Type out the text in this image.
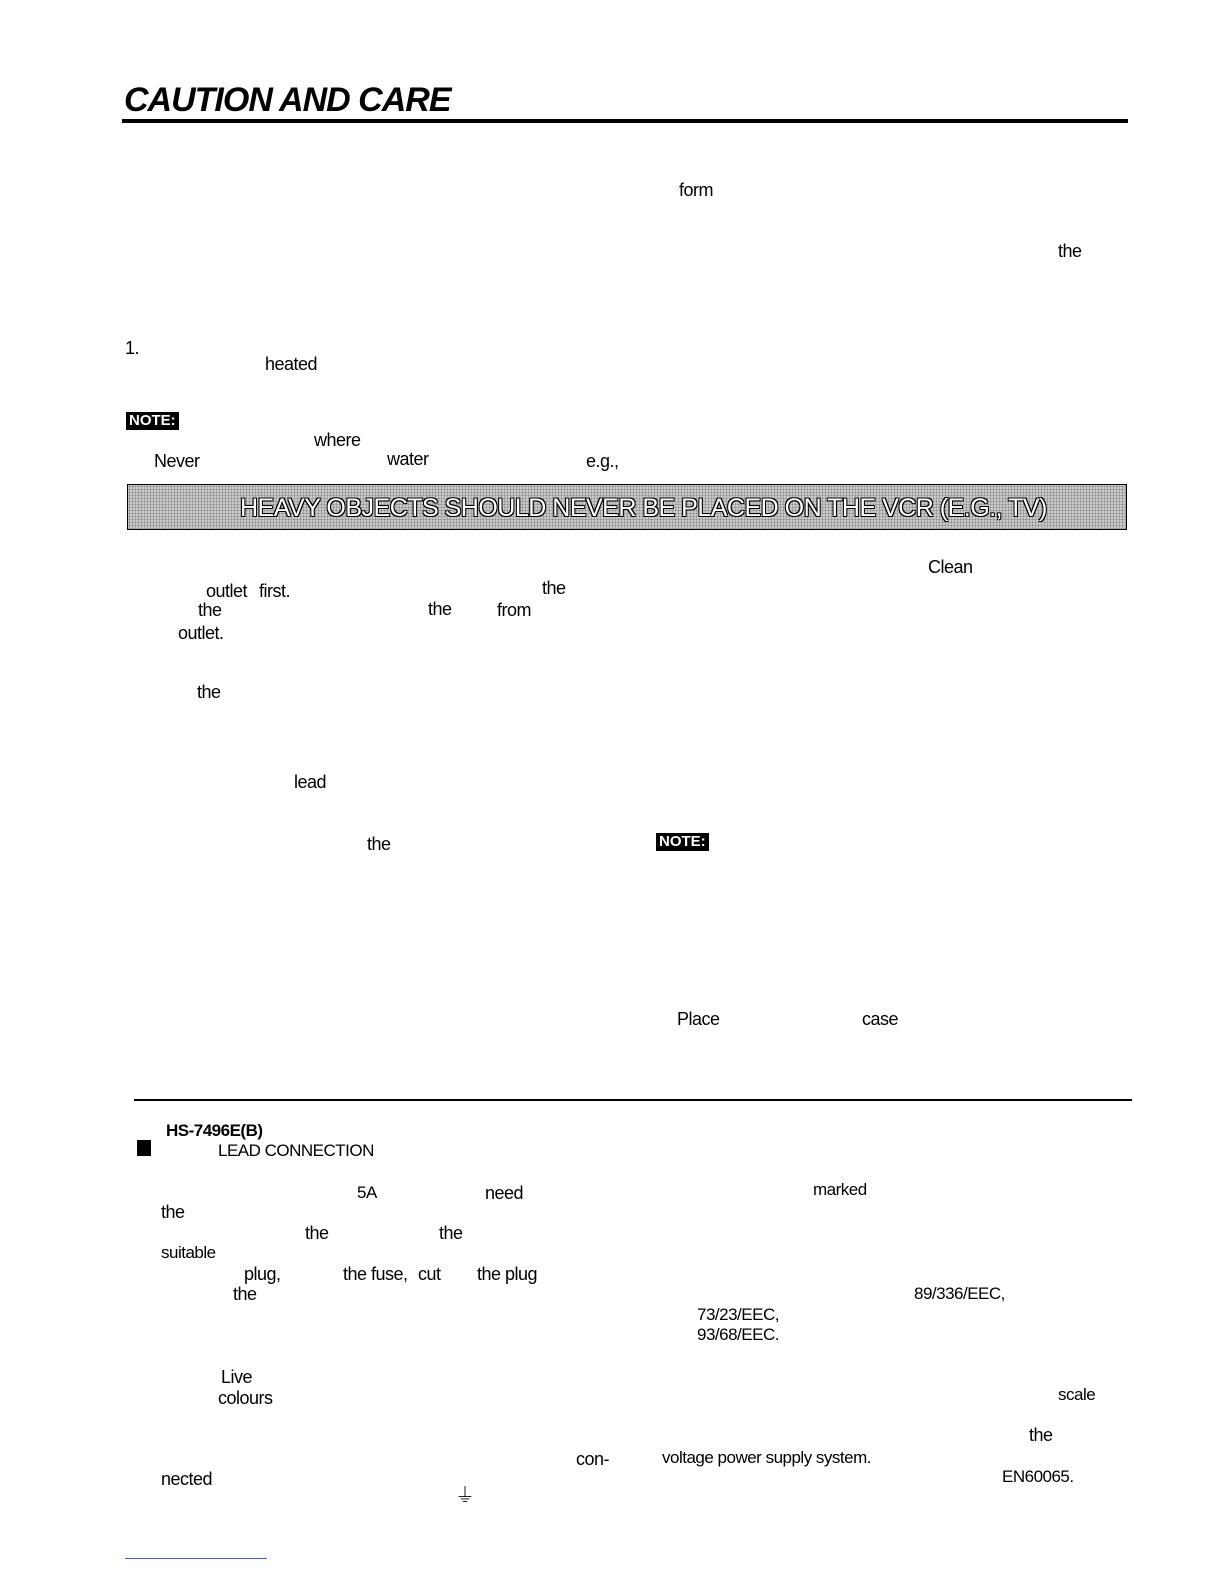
CAUTION AND CARE
form
the
1.
heated
NOTE:
where
Never	water	e.g.,
HEAVY OBJECTS SHOULD NEVER BE PLACED ON THE VCR (E.G., TV)
Clean
outlet first.	the
the	the	from
outlet.
the
lead
the	NOTE:
Place	case
HS-7496E(B)
LEAD CONNECTION
5A	need	marked
the
the	the
suitable
plug,	the fuse, cut the plug
the	89/336/EEC,
73/23/EEC,
93/68/EEC.
Live
colours	scale
the
con-	voltage power supply system.
nected	EN60065.
⏚
